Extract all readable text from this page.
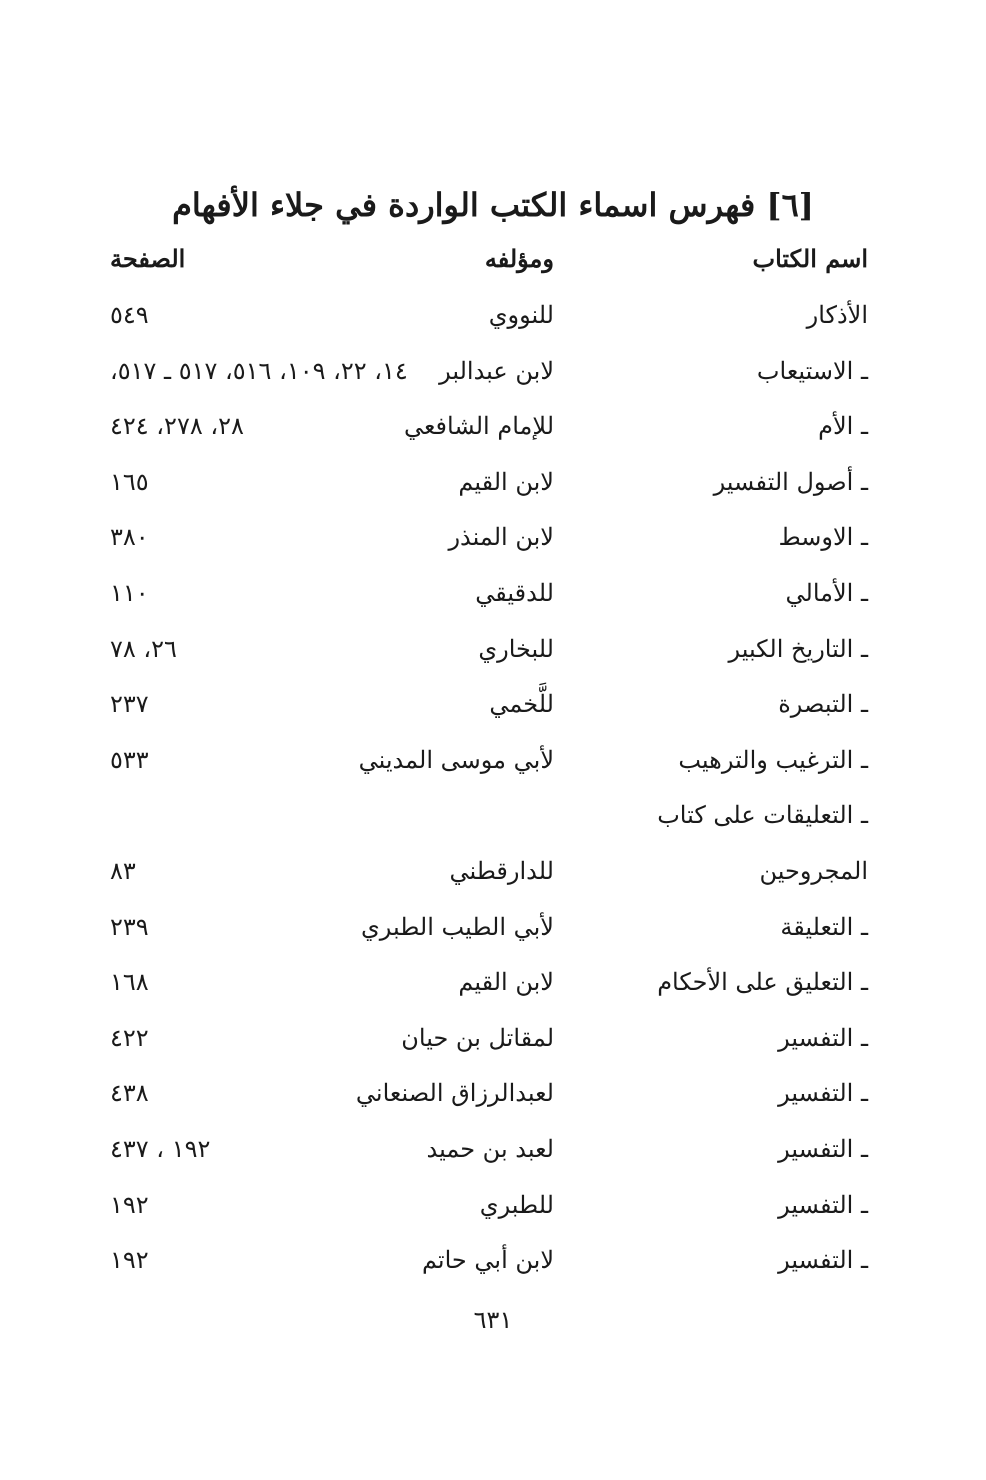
[٦] فهرس اسماء الكتب الواردة في جلاء الأفهام
اسم الكتاب
ومؤلفه
الصفحة
الأذكار
للنووي
٥٤٩
ـ الاستيعاب
لابن عبدالبر
١٤، ٢٢، ١٠٩، ٥١٦، ٥١٧ ـ ٥١٧،
ـ الأم
للإمام الشافعي
٢٨، ٢٧٨، ٤٢٤
ـ أصول التفسير
لابن القيم
١٦٥
ـ الاوسط
لابن المنذر
٣٨٠
ـ الأمالي
للدقيقي
١١٠
ـ التاريخ الكبير
للبخاري
٢٦، ٧٨
ـ التبصرة
للَّخمي
٢٣٧
ـ الترغيب والترهيب
لأبي موسى المديني
٥٣٣
ـ التعليقات على كتاب
المجروحين
للدارقطني
٨٣
ـ التعليقة
لأبي الطيب الطبري
٢٣٩
ـ التعليق على الأحكام
لابن القيم
١٦٨
ـ التفسير
لمقاتل بن حيان
٤٢٢
ـ التفسير
لعبدالرزاق الصنعاني
٤٣٨
ـ التفسير
لعبد بن حميد
١٩٢ ، ٤٣٧
ـ التفسير
للطبري
١٩٢
ـ التفسير
لابن أبي حاتم
١٩٢
٦٣١
